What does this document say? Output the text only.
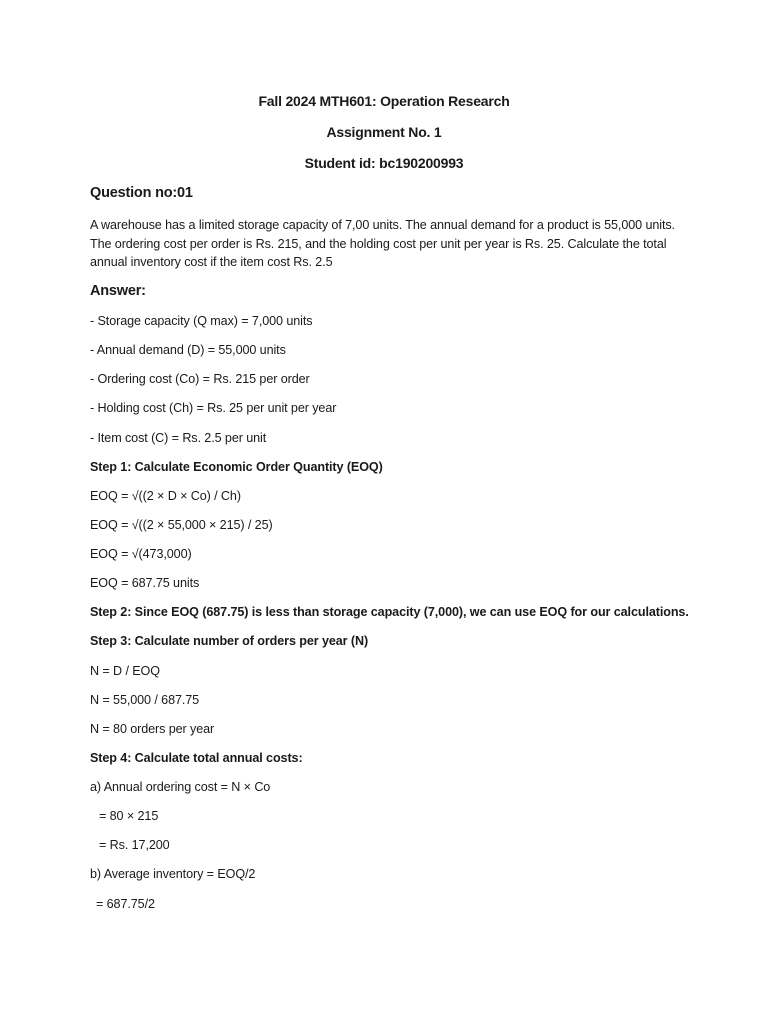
Fall 2024 MTH601: Operation Research
Assignment No. 1
Student id: bc190200993
Question no:01
A warehouse has a limited storage capacity of 7,00 units. The annual demand for a product is 55,000 units. The ordering cost per order is Rs. 215, and the holding cost per unit per year is Rs. 25. Calculate the total annual inventory cost if the item cost Rs. 2.5
Answer:
- Storage capacity (Q max) = 7,000 units
- Annual demand (D) = 55,000 units
- Ordering cost (Co) = Rs. 215 per order
- Holding cost (Ch) = Rs. 25 per unit per year
- Item cost (C) = Rs. 2.5 per unit
Step 1: Calculate Economic Order Quantity (EOQ)
EOQ = √((2 × D × Co) / Ch)
EOQ = √((2 × 55,000 × 215) / 25)
EOQ = √(473,000)
EOQ = 687.75 units
Step 2: Since EOQ (687.75) is less than storage capacity (7,000), we can use EOQ for our calculations.
Step 3: Calculate number of orders per year (N)
N = D / EOQ
N = 55,000 / 687.75
N = 80 orders per year
Step 4: Calculate total annual costs:
a) Annual ordering cost = N × Co
= 80 × 215
= Rs. 17,200
b) Average inventory = EOQ/2
= 687.75/2
